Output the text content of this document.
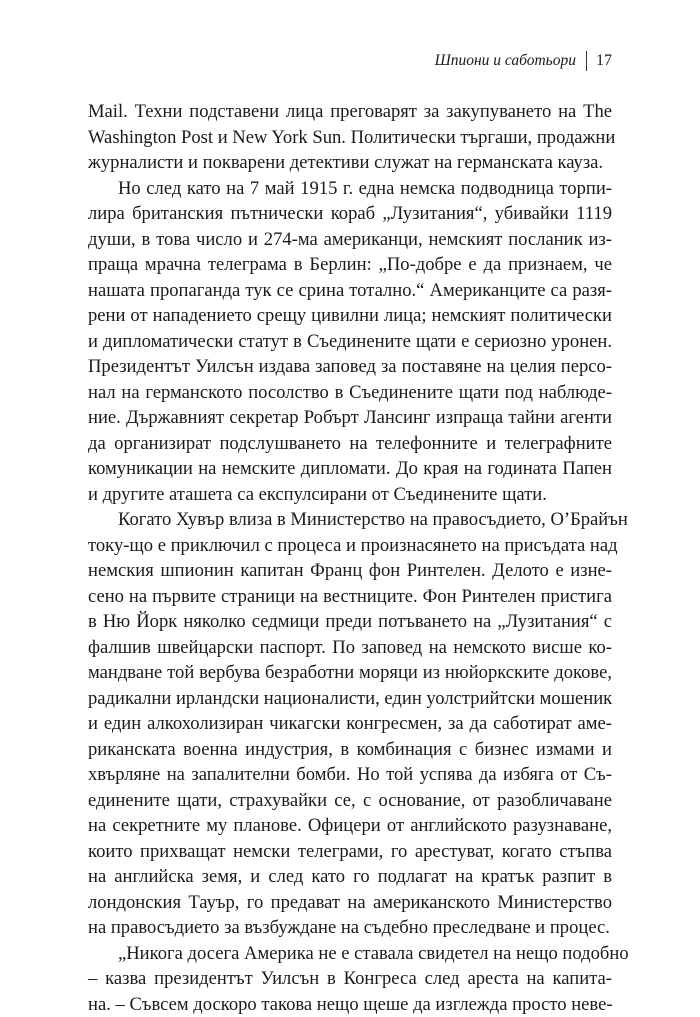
Шпиони и саботьори 17
Mail. Техни подставени лица преговарят за закупуването на The
Washington Post и New York Sun. Политически търгаши, продажни
журналисти и покварени детективи служат на германската кауза.
Но след като на 7 май 1915 г. една немска подводница торпи-
лира британския пътнически кораб „Лузитания“, убивайки 1119
души, в това число и 274-ма американци, немският посланик из-
праща мрачна телеграма в Берлин: „По-добре е да признаем, че
нашата пропаганда тук се срина тотално.“ Американците са разя-
рени от нападението срещу цивилни лица; немският политически
и дипломатически статут в Съединените щати е сериозно уронен.
Президентът Уилсън издава заповед за поставяне на целия персо-
нал на германското посолство в Съединените щати под наблюде-
ние. Държавният секретар Робърт Лансинг изпраща тайни агенти
да организират подслушването на телефонните и телеграфните
комуникации на немските дипломати. До края на годината Папен
и другите аташета са експулсирани от Съединените щати.
Когато Хувър влиза в Министерство на правосъдието, О’Брайън
току-що е приключил с процеса и произнасянето на присъдата над
немския шпионин капитан Франц фон Ринтелен. Делото е изне-
сено на първите страници на вестниците. Фон Ринтелен пристига
в Ню Йорк няколко седмици преди потъването на „Лузитания“ с
фалшив швейцарски паспорт. По заповед на немското висше ко-
мандване той вербува безработни моряци из нюйоркските докове,
радикални ирландски националисти, един уолстрийтски мошеник
и един алкохолизиран чикагски конгресмен, за да саботират аме-
риканската военна индустрия, в комбинация с бизнес измами и
хвърляне на запалителни бомби. Но той успява да избяга от Съ-
единените щати, страхувайки се, с основание, от разобличаване
на секретните му планове. Офицери от английското разузнаване,
които прихващат немски телеграми, го арестуват, когато стъпва
на английска земя, и след като го подлагат на кратък разпит в
лондонския Тауър, го предават на американското Министерство
на правосъдието за възбуждане на съдебно преследване и процес.
„Никога досега Америка не е ставала свидетел на нещо подобно
– казва президентът Уилсън в Конгреса след ареста на капита-
на. – Съвсем доскоро такова нещо щеше да изглежда просто неве-
